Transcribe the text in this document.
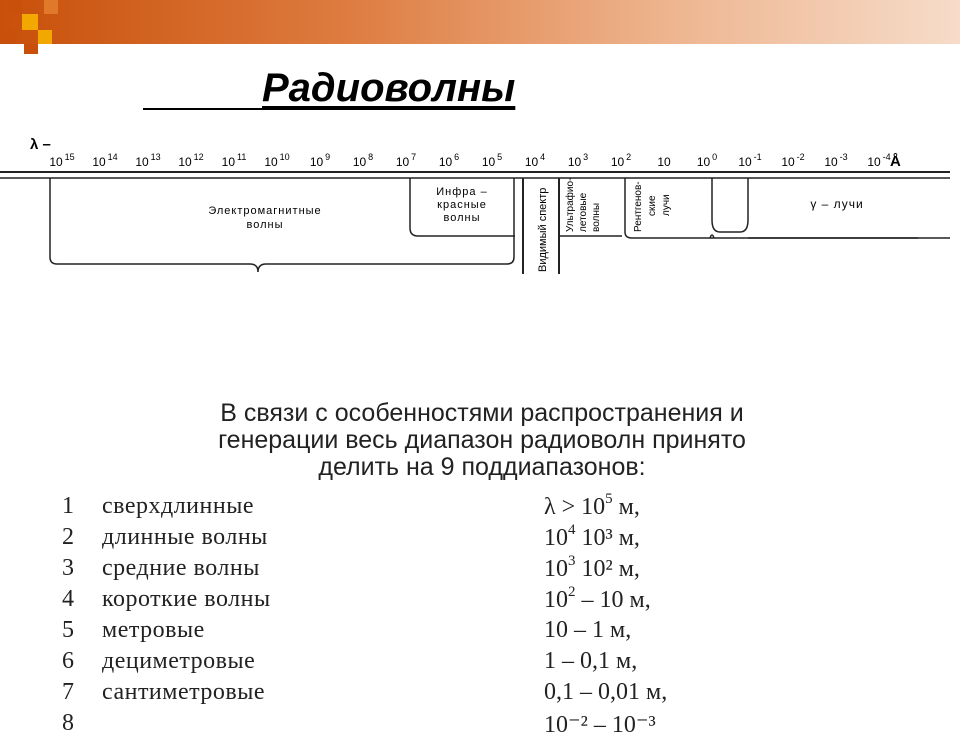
Радиоволны
λ –
10 $^{15}$ 10 $^{14}$ 10 $^{13}$ 10 $^{12}$ 10 $^{11}$ 10 $^{10}$ 10 $^9$ 10 $^8$ 10 $^7$ 10 $^6$ 10 $^5$ 10 $^4$ 10 $^3$ 10 $^2$ 10 10 $^0$ 10 $^{-1}$ 10 $^{-2}$ 10 $^{-3}$ 10 $^{-4}$ Å
Электромагнитные
волны
Инфра –
красные
волны	Видимый спектр Ультрафио- летовые волны	Рентгенов- ские лучи	γ – лучи
В связи с особенностями распространения и
генерации весь диапазон радиоволн принято
делить на 9 поддиапазонов:
1 сверхдлинные	$\lambda > 10^5$ м,
2 длинные волны	$10^4$ 10³ м,
3 средние волны	$10^3$ 10² м,
4 короткие волны	$10^2 - 10$ м,
5 метровые	10 – 1 м,
6 дециметровые	1 – 0,1 м,
7 сантиметровые	0,1 – 0,01 м,
8	10⁻² – 10⁻³
